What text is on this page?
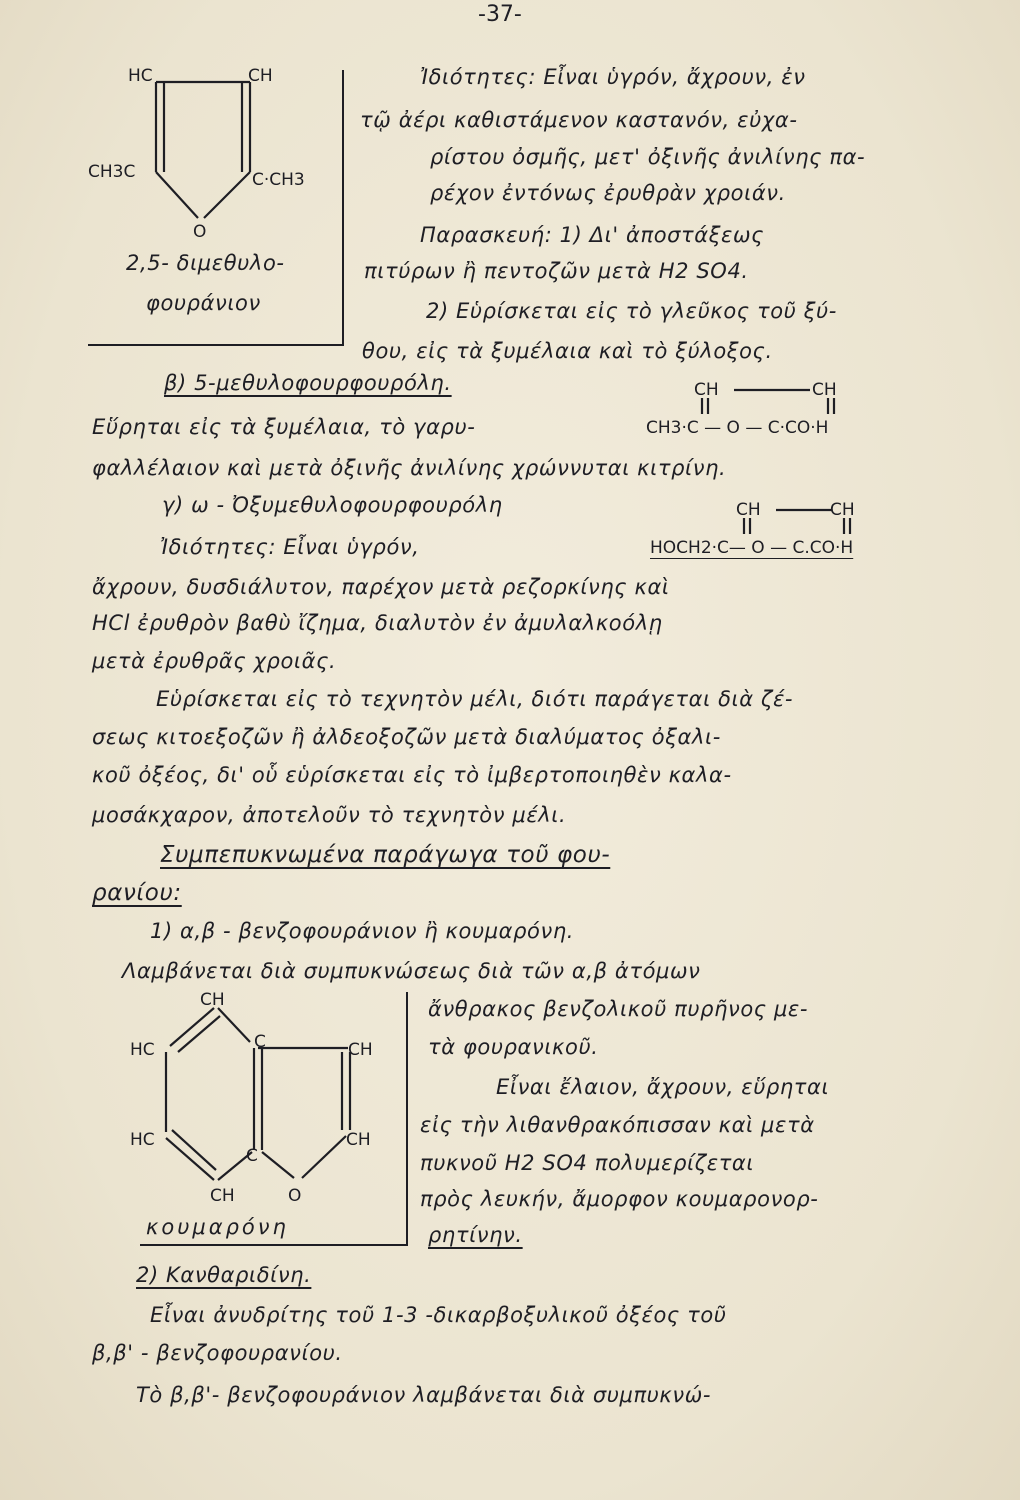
-37-
HC	CH
CH3C	C·CH3
O
2,5- διμεθυλο-
φουράνιον
Ἰδιότητες: Εἶναι ὑγρόν, ἄχρουν, ἐν
τῷ ἀέρι καθιστάμενον καστανόν, εὐχα-
ρίστου ὀσμῆς, μετ' ὀξινῆς ἀνιλίνης πα-
ρέχον ἐντόνως ἐρυθρὰν χροιάν.
Παρασκευή: 1) Δι' ἀποστάξεως
πιτύρων ἢ πεντοζῶν μετὰ H2 SO4.
2) Εὑρίσκεται εἰς τὸ γλεῦκος τοῦ ξύ-
θου, εἰς τὰ ξυμέλαια καὶ τὸ ξύλοξος.
β) 5-μεθυλοφουρφουρόλη.
Εὕρηται εἰς τὰ ξυμέλαια, τὸ γαρυ-
φαλλέλαιον καὶ μετὰ ὀξινῆς ἀνιλίνης χρώννυται κιτρίνη.
CH	CH
CH3·C — O — C·CO·H
γ) ω - Ὀξυμεθυλοφουρφουρόλη
Ἰδιότητες: Εἶναι ὑγρόν,
CH	CH
HOCH2·C— O — C.CO·H
ἄχρουν, δυσδιάλυτον, παρέχον μετὰ ρεζορκίνης καὶ
HCl ἐρυθρὸν βαθὺ ἴζημα, διαλυτὸν ἐν ἀμυλαλκοόλῃ
μετὰ ἐρυθρᾶς χροιᾶς.
Εὑρίσκεται εἰς τὸ τεχνητὸν μέλι, διότι παράγεται διὰ ζέ-
σεως κιτοεξοζῶν ἢ ἀλδεοξοζῶν μετὰ διαλύματος ὀξαλι-
κοῦ ὀξέος, δι' οὗ εὑρίσκεται εἰς τὸ ἰμβερτοποιηθὲν καλα-
μοσάκχαρον, ἀποτελοῦν τὸ τεχνητὸν μέλι.
Συμπεπυκνωμένα παράγωγα τοῦ φου-
ρανίου:
1) α,β - βενζοφουράνιον ἢ κουμαρόνη.
Λαμβάνεται διὰ συμπυκνώσεως διὰ τῶν α,β ἀτόμων
CH
HC	C	CH
HC	CH
C
CH	O
κουμαρόνη
ἄνθρακος βενζολικοῦ πυρῆνος με-
τὰ φουρανικοῦ.
Εἶναι ἔλαιον, ἄχρουν, εὕρηται
εἰς τὴν λιθανθρακόπισσαν καὶ μετὰ
πυκνοῦ H2 SO4 πολυμερίζεται
πρὸς λευκήν, ἄμορφον κουμαρονορ-
ρητίνην.
2) Κανθαριδίνη.
Εἶναι ἀνυδρίτης τοῦ 1-3 -δικαρβοξυλικοῦ ὀξέος τοῦ
β,β' - βενζοφουρανίου.
Τὸ β,β'- βενζοφουράνιον λαμβάνεται διὰ συμπυκνώ-
